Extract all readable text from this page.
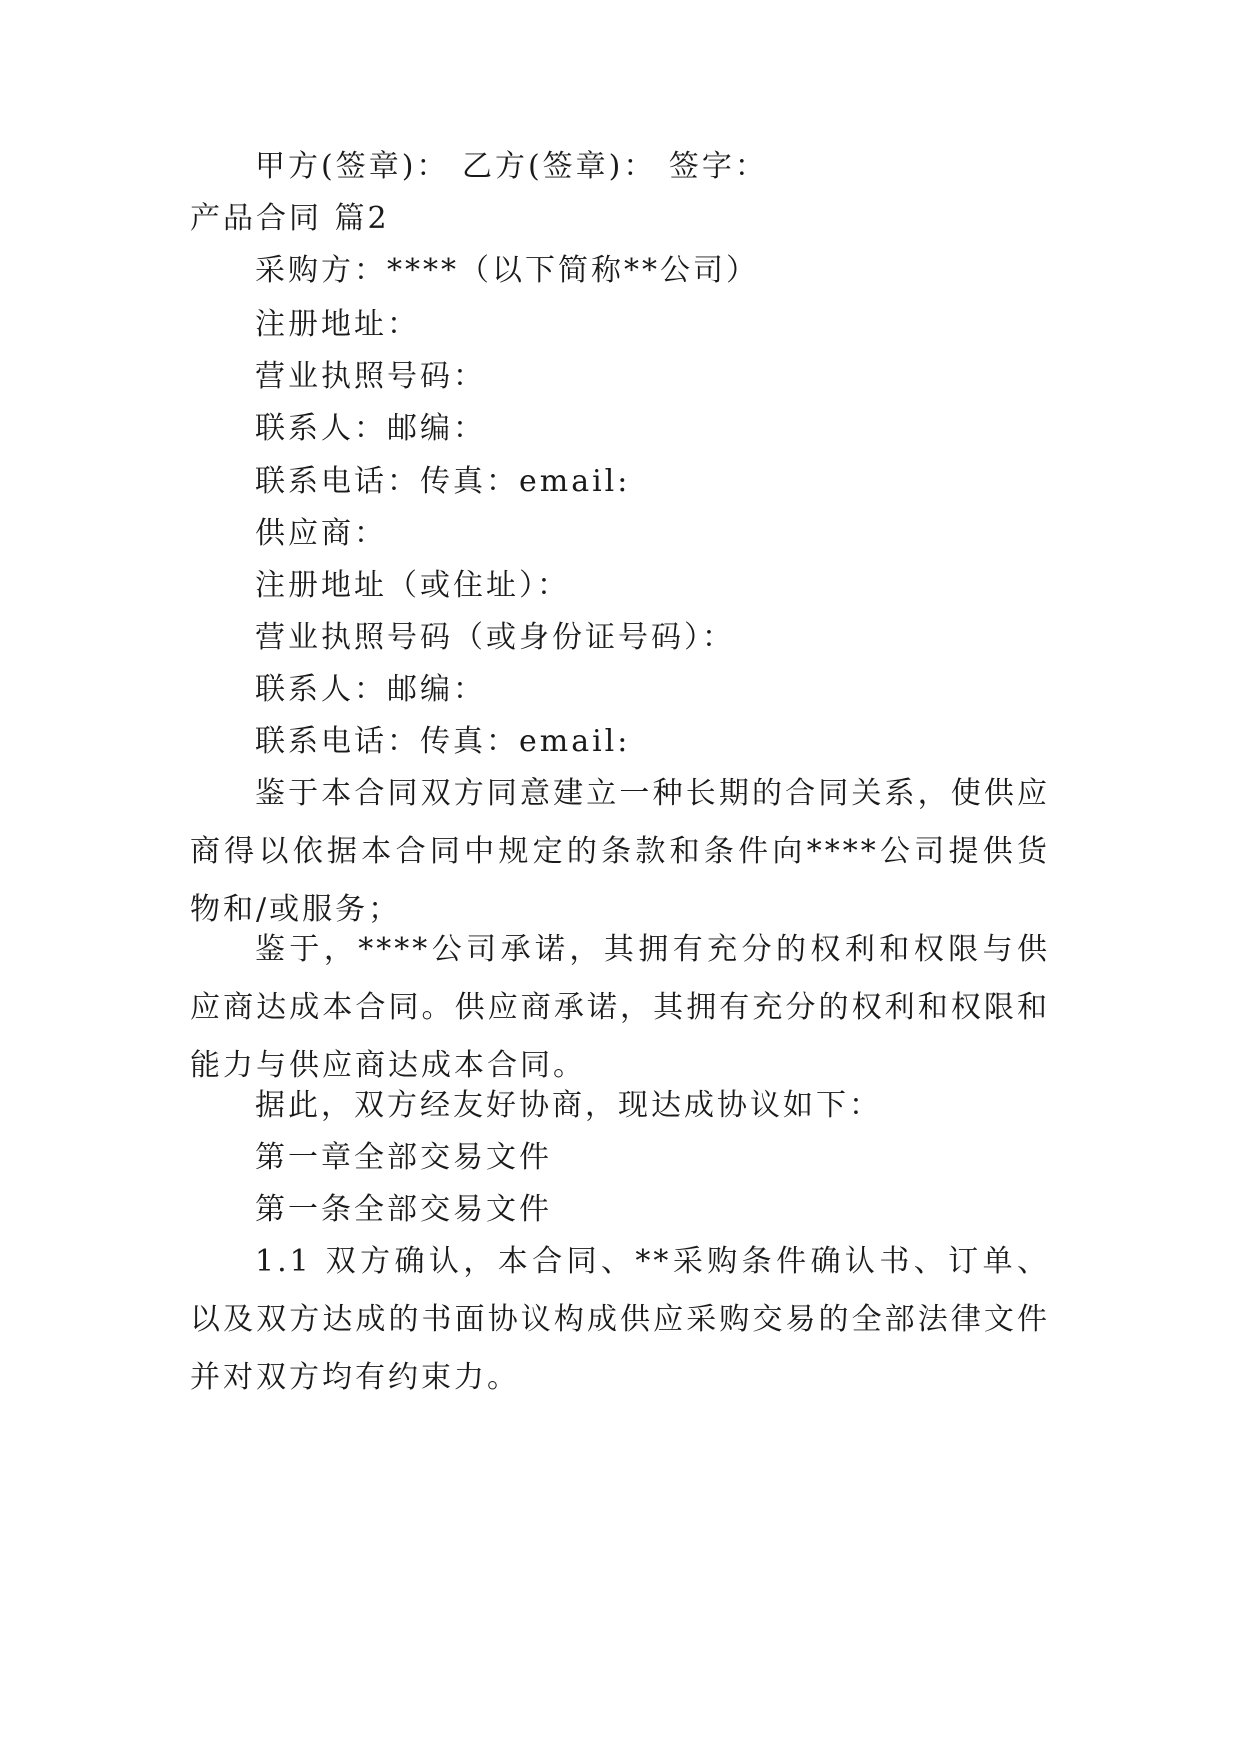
甲方(签章)： 乙方(签章)： 签字：
产品合同 篇2
采购方：****（以下简称**公司）
注册地址：
营业执照号码：
联系人：邮编：
联系电话：传真：email:
供应商：
注册地址（或住址）：
营业执照号码（或身份证号码）：
联系人：邮编：
联系电话：传真：email:
鉴于本合同双方同意建立一种长期的合同关系，使供应商得以依据本合同中规定的条款和条件向****公司提供货物和/或服务；
鉴于，****公司承诺，其拥有充分的权利和权限与供应商达成本合同。供应商承诺，其拥有充分的权利和权限和能力与供应商达成本合同。
据此，双方经友好协商，现达成协议如下：
第一章全部交易文件
第一条全部交易文件
1.1 双方确认，本合同、**采购条件确认书、订单、以及双方达成的书面协议构成供应采购交易的全部法律文件并对双方均有约束力。
